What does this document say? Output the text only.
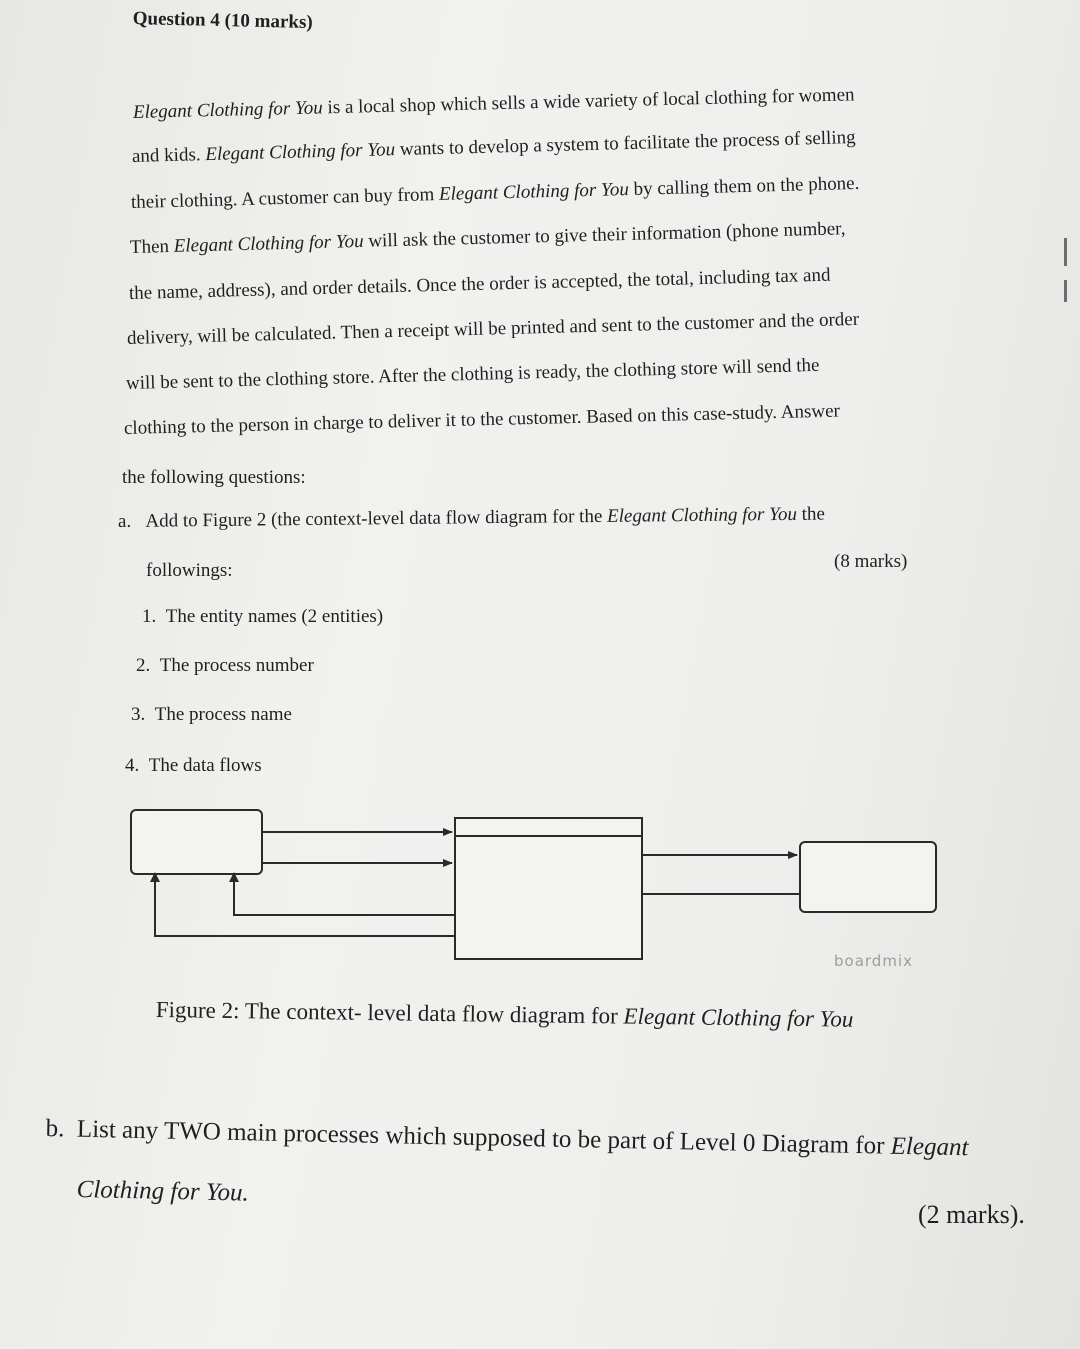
Question 4 (10 marks)
Elegant Clothing for You is a local shop which sells a wide variety of local clothing for women
and kids. Elegant Clothing for You wants to develop a system to facilitate the process of selling
their clothing. A customer can buy from Elegant Clothing for You by calling them on the phone.
Then Elegant Clothing for You will ask the customer to give their information (phone number,
the name, address), and order details. Once the order is accepted, the total, including tax and
delivery, will be calculated. Then a receipt will be printed and sent to the customer and the order
will be sent to the clothing store. After the clothing is ready, the clothing store will send the
clothing to the person in charge to deliver it to the customer. Based on this case-study. Answer
the following questions:
a. Add to Figure 2 (the context-level data flow diagram for the Elegant Clothing for You the
followings:	(8 marks)
1. The entity names (2 entities)
2. The process number
3. The process name
4. The data flows
boardmix
Figure 2: The context- level data flow diagram for Elegant Clothing for You
b. List any TWO main processes which supposed to be part of Level 0 Diagram for Elegant
Clothing for You.
(2 marks).
